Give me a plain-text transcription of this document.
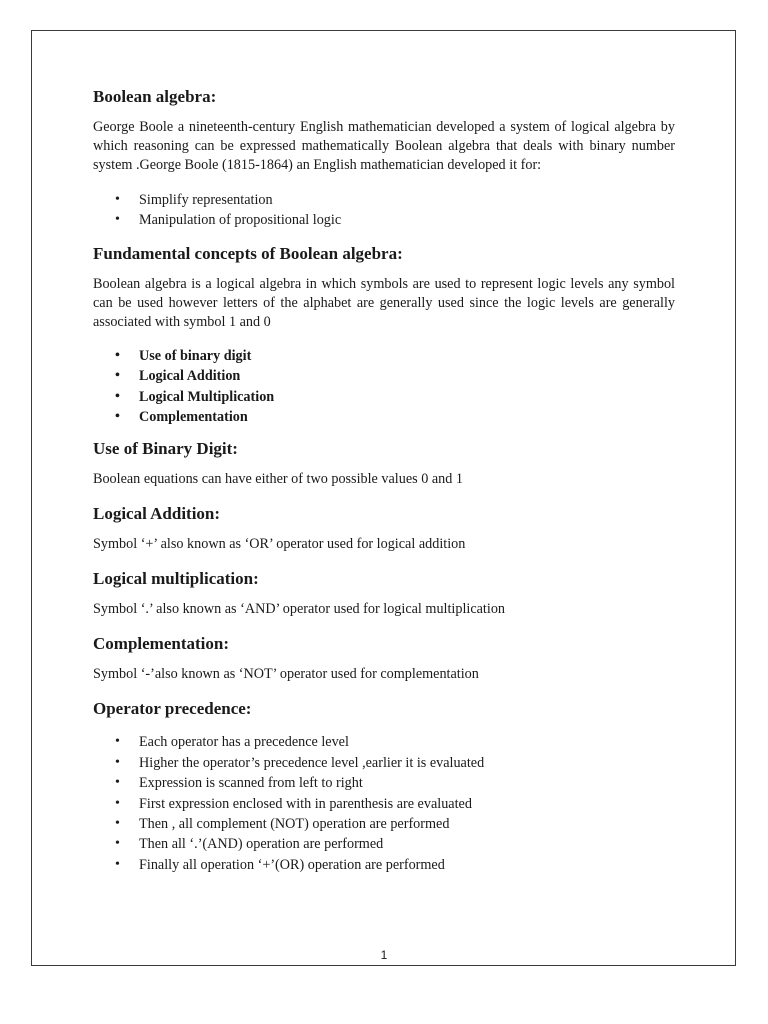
Boolean algebra:

George Boole a nineteenth-century English mathematician developed a system of logical algebra by which reasoning can be expressed mathematically Boolean algebra that deals with binary number system .George Boole (1815-1864) an English mathematician developed it for:

• Simplify representation
• Manipulation of propositional logic
Fundamental concepts of Boolean algebra:

Boolean algebra is a logical algebra in which symbols are used to represent logic levels any symbol can be used however letters of the alphabet are generally used since the logic levels are generally associated with symbol 1 and 0

• Use of binary digit
• Logical Addition
• Logical Multiplication
• Complementation
Use of Binary Digit:

Boolean equations can have either of two possible values 0 and 1

Logical Addition:

Symbol ‘+’ also known as ‘OR’ operator used for logical addition

Logical multiplication:

Symbol ‘.’ also known as ‘AND’ operator used for logical multiplication

Complementation:

Symbol ‘-’also known as ‘NOT’ operator used for complementation

Operator precedence:
• Each operator has a precedence level
• Higher the operator’s precedence level ,earlier it is evaluated
• Expression is scanned from left to right
• First expression enclosed with in parenthesis are evaluated
• Then , all complement (NOT) operation are performed
• Then all ‘.’(AND) operation are performed
• Finally all operation ‘+’(OR) operation are performed
1
